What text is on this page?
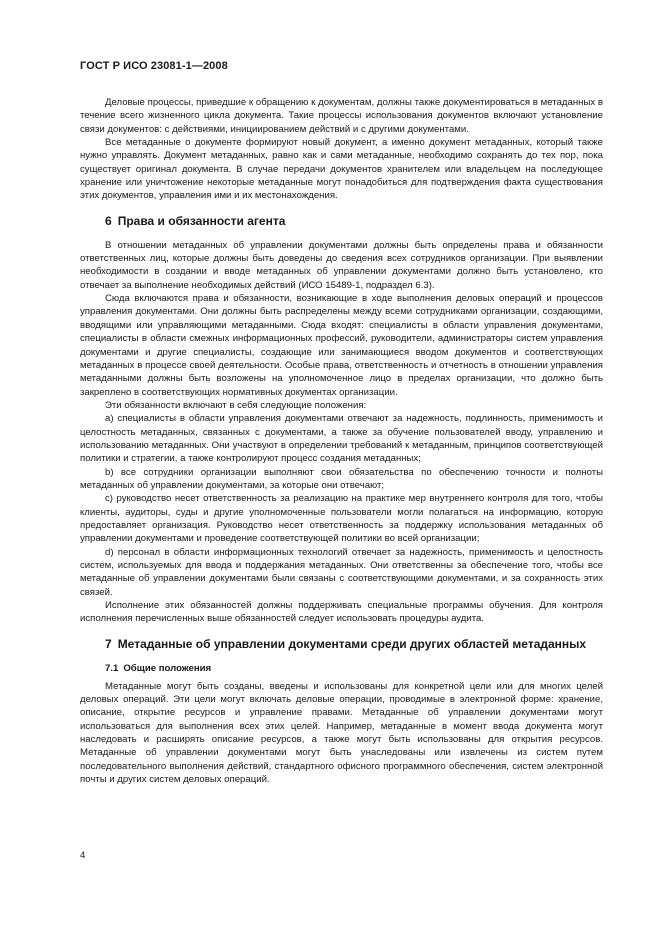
ГОСТ Р ИСО 23081-1—2008

Деловые процессы, приведшие к обращению к документам, должны также документироваться в метаданных в течение всего жизненного цикла документа. Такие процессы использования документов включают установление связи документов: с действиями, инициированием действий и с другими документами.

Все метаданные о документе формируют новый документ, а именно документ метаданных, который также нужно управлять. Документ метаданных, равно как и сами метаданные, необходимо сохранять до тех пор, пока существует оригинал документа. В случае передачи документов хранителем или владельцем на последующее хранение или уничтожение некоторые метаданные могут понадобиться для подтверждения факта существования этих документов, управления ими и их местонахождения.

6 Права и обязанности агента

В отношении метаданных об управлении документами должны быть определены права и обязанности ответственных лиц, которые должны быть доведены до сведения всех сотрудников организации. При выявлении необходимости в создании и вводе метаданных об управлении документами должно быть установлено, кто отвечает за выполнение необходимых действий (ИСО 15489-1, подраздел 6.3).

Сюда включаются права и обязанности, возникающие в ходе выполнения деловых операций и процессов управления документами. Они должны быть распределены между всеми сотрудниками организации, создающими, вводящими или управляющими метаданными. Сюда входят: специалисты в области управления документами, специалисты в области смежных информационных профессий, руководители, администраторы систем управления документами и другие специалисты, создающие или занимающиеся вводом документов и соответствующих метаданных в процессе своей деятельности. Особые права, ответственность и отчетность в отношении управления метаданными должны быть возложены на уполномоченное лицо в пределах организации, что должно быть закреплено в соответствующих нормативных документах организации.

Эти обязанности включают в себя следующие положения:

a) специалисты в области управления документами отвечают за надежность, подлинность, применимость и целостность метаданных, связанных с документами, а также за обучение пользователей вводу, управлению и использованию метаданных. Они участвуют в определении требований к метаданным, принципов соответствующей политики и стратегии, а также контролируют процесс создания метаданных;

b) все сотрудники организации выполняют свои обязательства по обеспечению точности и полноты метаданных об управлении документами, за которые они отвечают;

c) руководство несет ответственность за реализацию на практике мер внутреннего контроля для того, чтобы клиенты, аудиторы, суды и другие уполномоченные пользователи могли полагаться на информацию, которую предоставляет организация. Руководство несет ответственность за поддержку использования метаданных об управлении документами и проведение соответствующей политики во всей организации;

d) персонал в области информационных технологий отвечает за надежность, применимость и целостность систем, используемых для ввода и поддержания метаданных. Они ответственны за обеспечение того, чтобы все метаданные об управлении документами были связаны с соответствующими документами, и за сохранность этих связей.

Исполнение этих обязанностей должны поддерживать специальные программы обучения. Для контроля исполнения перечисленных выше обязанностей следует использовать процедуры аудита.

7 Метаданные об управлении документами среди других областей метаданных
7.1 Общие положения

Метаданные могут быть созданы, введены и использованы для конкретной цели или для многих целей деловых операций. Эти цели могут включать деловые операции, проводимые в электронной форме: хранение, описание, открытие ресурсов и управление правами. Метаданные об управлении документами могут использоваться для выполнения всех этих целей. Например, метаданные в момент ввода документа могут наследовать и расширять описание ресурсов, а также могут быть использованы для открытия ресурсов. Метаданные об управлении документами могут быть унаследованы или извлечены из систем путем последовательного выполнения действий, стандартного офисного программного обеспечения, систем электронной почты и других систем деловых операций.

4
